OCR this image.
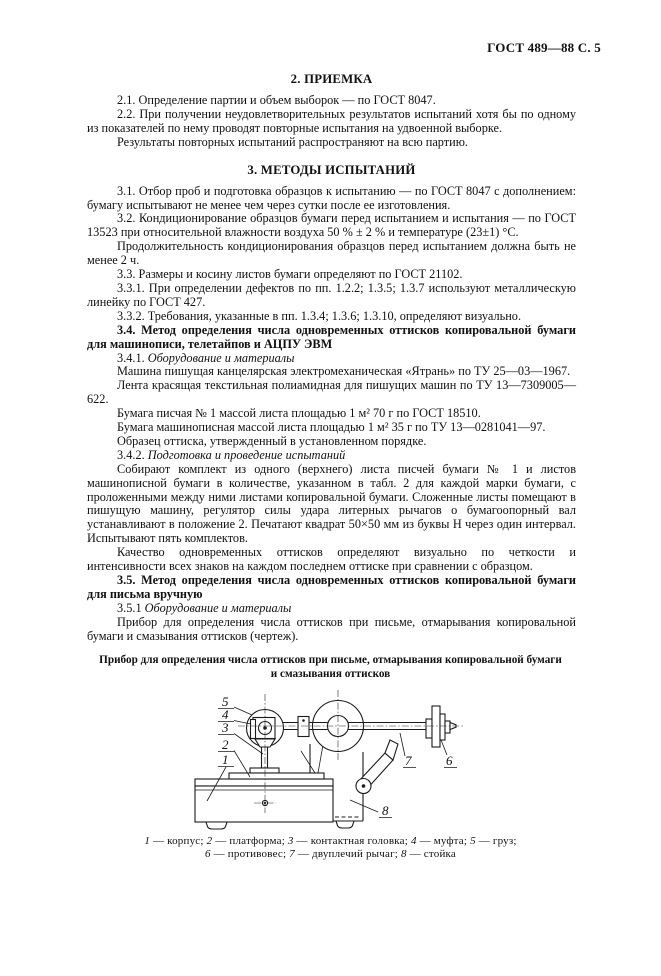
ГОСТ 489—88 С. 5
2. ПРИЕМКА

2.1. Определение партии и объем выборок — по ГОСТ 8047.

2.2. При получении неудовлетворительных результатов испытаний хотя бы по одному из показателей по нему проводят повторные испытания на удвоенной выборке.

Результаты повторных испытаний распространяют на всю партию.

3. МЕТОДЫ ИСПЫТАНИЙ

3.1. Отбор проб и подготовка образцов к испытанию — по ГОСТ 8047 с дополнением: бумагу испытывают не менее чем через сутки после ее изготовления.

3.2. Кондиционирование образцов бумаги перед испытанием и испытания — по ГОСТ 13523 при относительной влажности воздуха 50 % ± 2 % и температуре (23±1) °С.

Продолжительность кондиционирования образцов перед испытанием должна быть не менее 2 ч.

3.3. Размеры и косину листов бумаги определяют по ГОСТ 21102.

3.3.1. При определении дефектов по пп. 1.2.2; 1.3.5; 1.3.7 используют металлическую линейку по ГОСТ 427.

3.3.2. Требования, указанные в пп. 1.3.4; 1.3.6; 1.3.10, определяют визуально.

3.4. Метод определения числа одновременных оттисков копировальной бумаги для машинописи, телетайпов и АЦПУ ЭВМ

3.4.1. Оборудование и материалы

Машина пишущая канцелярская электромеханическая «Ятрань» по ТУ 25—03—1967.

Лента красящая текстильная полиамидная для пишущих машин по ТУ 13—7309005—622.

Бумага писчая № 1 массой листа площадью 1 м² 70 г по ГОСТ 18510.

Бумага машинописная массой листа площадью 1 м² 35 г по ТУ 13—0281041—97.

Образец оттиска, утвержденный в установленном порядке.

3.4.2. Подготовка и проведение испытаний

Собирают комплект из одного (верхнего) листа писчей бумаги № 1 и листов машинописной бумаги в количестве, указанном в табл. 2 для каждой марки бумаги, с проложенными между ними листами копировальной бумаги. Сложенные листы помещают в пишущую машину, регулятор силы удара литерных рычагов о бумагоопорный вал устанавливают в положение 2. Печатают квадрат 50×50 мм из буквы Н через один интервал. Испытывают пять комплектов.

Качество одновременных оттисков определяют визуально по четкости и интенсивности всех знаков на каждом последнем оттиске при сравнении с образцом.

3.5. Метод определения числа одновременных оттисков копировальной бумаги для письма вручную

3.5.1 Оборудование и материалы

Прибор для определения числа оттисков при письме, отмарывания копировальной бумаги и смазывания оттисков (чертеж).

Прибор для определения числа оттисков при письме, отмарывания копировальной бумаги
и смазывания оттисков
5
4
3
2
1	7	6
8
1 — корпус; 2 — платформа; 3 — контактная головка; 4 — муфта; 5 — груз;
6 — противовес; 7 — двуплечий рычаг; 8 — стойка
